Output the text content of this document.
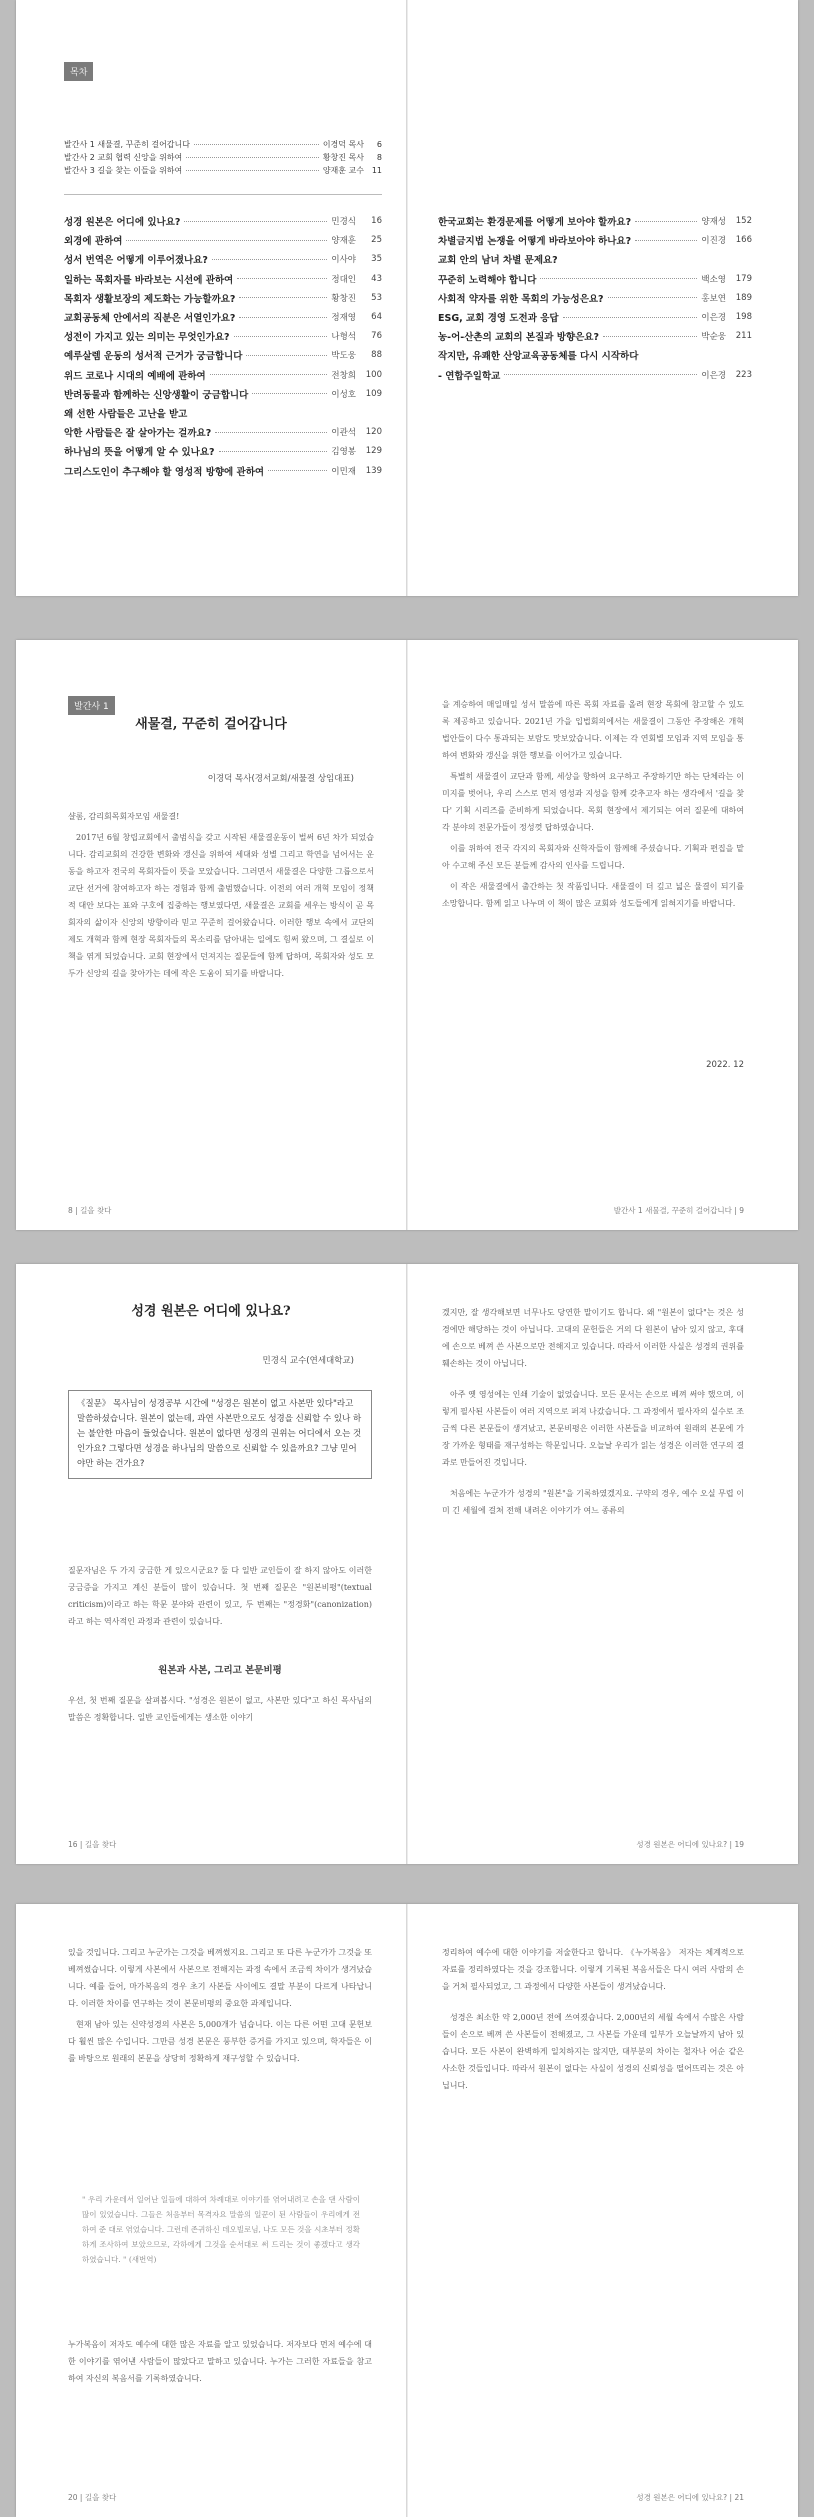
목차
발간사 1 새물결, 꾸준히 걸어갑니다	이경덕 목사	6
발간사 2 교회 협력 신앙을 위하여	황창진 목사	8
발간사 3 길을 찾는 이들을 위하여	양재훈 교수 11
성경 원본은 어디에 있나요?	민경식	16
외경에 관하여	양재훈	25
성서 번역은 어떻게 이루어졌나요?	이사야	35
일하는 목회자를 바라보는 시선에 관하여	정대인	43
목회자 생활보장의 제도화는 가능할까요?	황창진	53
교회공동체 안에서의 직분은 서열인가요?	정재영	64
성전이 가지고 있는 의미는 무엇인가요?	나형석	76
예루살렘 운동의 성서적 근거가 궁금합니다	박도웅	88
위드 코로나 시대의 예배에 관하여	전창희	100
반려동물과 함께하는 신앙생활이 궁금합니다	이성호	109
왜 선한 사람들은 고난을 받고
악한 사람들은 잘 살아가는 걸까요?	이관석	120
하나님의 뜻을 어떻게 알 수 있나요?	김영봉	129
그리스도인이 추구해야 할 영성적 방향에 관하여	이민재	139
한국교회는 환경문제를 어떻게 보아야 할까요?	양재성	152
차별금지법 논쟁을 어떻게 바라보아야 하나요?	이진경	166
교회 안의 남녀 차별 문제요?
꾸준히 노력해야 합니다	백소영	179
사회적 약자를 위한 목회의 가능성은요?	홍보연	189
ESG, 교회 경영 도전과 응답	이은경	198
농-어-산촌의 교회의 본질과 방향은요?	박순웅	211
작지만, 유쾌한 산앙교육공동체를 다시 시작하다
- 연합주일학교	이은경	223
발간사 1
새물결, 꾸준히 걸어갑니다
이경덕 목사(경서교회/새물결 상임대표)

샬롬, 감리회목회자모임 새물결!

2017년 6월 창립교회에서 출범식을 갖고 시작된 새물결운동이 벌써 6년 차가 되었습니다. 감리교회의 건강한 변화와 갱신을 위하여 세대와 성별 그리고 학연을 넘어서는 운동을 하고자 전국의 목회자들이 뜻을 모았습니다. 그러면서 새물결은 다양한 그룹으로서 교단 선거에 참여하고자 하는 경험과 함께 출범했습니다. 이전의 여러 개혁 모임이 정책적 대안 보다는 표와 구호에 집중하는 행보였다면, 새물결은 교회를 세우는 방식이 곧 목회자의 삶이자 신앙의 방향이라 믿고 꾸준히 걸어왔습니다. 이러한 행보 속에서 교단의 제도 개혁과 함께 현장 목회자들의 목소리를 담아내는 일에도 힘써 왔으며, 그 결실로 이 책을 엮게 되었습니다. 교회 현장에서 던져지는 질문들에 함께 답하며, 목회자와 성도 모두가 신앙의 길을 찾아가는 데에 작은 도움이 되기를 바랍니다.

8 | 길을 찾다

을 계승하여 매일매일 성서 말씀에 따른 목회 자료를 올려 현장 목회에 참고할 수 있도록 제공하고 있습니다. 2021년 가을 입법회의에서는 새물결이 그동안 주장해온 개혁 법안들이 다수 통과되는 보람도 맛보았습니다. 이제는 각 연회별 모임과 지역 모임을 통하여 변화와 갱신을 위한 행보를 이어가고 있습니다.

특별히 새물결이 교단과 함께, 세상을 향하여 요구하고 주장하기만 하는 단체라는 이미지를 벗어나, 우리 스스로 먼저 영성과 지성을 함께 갖추고자 하는 생각에서 '길을 찾다' 기획 시리즈를 준비하게 되었습니다. 목회 현장에서 제기되는 여러 질문에 대하여 각 분야의 전문가들이 정성껏 답하였습니다.

이를 위하여 전국 각지의 목회자와 신학자들이 함께해 주셨습니다. 기획과 편집을 맡아 수고해 주신 모든 분들께 감사의 인사를 드립니다.

이 작은 새물결에서 출간하는 첫 작품입니다. 새물결이 더 깊고 넓은 물결이 되기를 소망합니다. 함께 읽고 나누며 이 책이 많은 교회와 성도들에게 읽혀지기를 바랍니다.

2022. 12
발간사 1 새물결, 꾸준히 걸어갑니다 | 9
성경 원본은 어디에 있나요?
민경식 교수(연세대학교)
《질문》 목사님이 성경공부 시간에 "성경은 원본이 없고 사본만 있다"라고 말씀하셨습니다. 원본이 없는데, 과연 사본만으로도 성경을 신뢰할 수 있나 하는 불안한 마음이 들었습니다. 원본이 없다면 성경의 권위는 어디에서 오는 것인가요? 그렇다면 성경을 하나님의 말씀으로 신뢰할 수 있을까요? 그냥 믿어야만 하는 건가요?
질문자님은 두 가지 궁금한 게 있으시군요? 둘 다 일반 교인들이 잘 하지 않아도 이러한 궁금증을 가지고 계신 분들이 많이 있습니다. 첫 번째 질문은 "원본비평"(textual criticism)이라고 하는 학문 분야와 관련이 있고, 두 번째는 "정경화"(canonization)라고 하는 역사적인 과정과 관련이 있습니다.
원본과 사본, 그리고 본문비평
우선, 첫 번째 질문을 살펴봅시다. "성경은 원본이 없고, 사본만 있다"고 하신 목사님의 말씀은 정확합니다. 일반 교인들에게는 생소한 이야기
16 | 길을 찾다

겠지만, 잘 생각해보면 너무나도 당연한 말이기도 합니다. 왜 "원본이 없다"는 것은 성경에만 해당하는 것이 아닙니다. 고대의 문헌들은 거의 다 원본이 남아 있지 않고, 후대에 손으로 베껴 쓴 사본으로만 전해지고 있습니다. 따라서 이러한 사실은 성경의 권위를 훼손하는 것이 아닙니다.

아주 옛 영성에는 인쇄 기술이 없었습니다. 모든 문서는 손으로 베껴 써야 했으며, 이렇게 필사된 사본들이 여러 지역으로 퍼져 나갔습니다. 그 과정에서 필사자의 실수로 조금씩 다른 본문들이 생겨났고, 본문비평은 이러한 사본들을 비교하여 원래의 본문에 가장 가까운 형태를 재구성하는 학문입니다. 오늘날 우리가 읽는 성경은 이러한 연구의 결과로 만들어진 것입니다.

처음에는 누군가가 성경의 "원본"을 기록하였겠지요. 구약의 경우, 예수 오실 무렵 이미 긴 세월에 걸쳐 전해 내려온 이야기가 여느 종류의

성경 원본은 어디에 있나요? | 19

있을 것입니다. 그리고 누군가는 그것을 베껴썼지요. 그리고 또 다른 누군가가 그것을 또 베껴썼습니다. 이렇게 사본에서 사본으로 전해지는 과정 속에서 조금씩 차이가 생겨났습니다. 예를 들어, 마가복음의 경우 초기 사본들 사이에도 결말 부분이 다르게 나타납니다. 이러한 차이를 연구하는 것이 본문비평의 중요한 과제입니다.

현재 남아 있는 신약성경의 사본은 5,000개가 넘습니다. 이는 다른 어떤 고대 문헌보다 훨씬 많은 수입니다. 그만큼 성경 본문은 풍부한 증거를 가지고 있으며, 학자들은 이를 바탕으로 원래의 본문을 상당히 정확하게 재구성할 수 있습니다.

" 우리 가운데서 일어난 일들에 대하여 차례대로 이야기를 엮어내려고 손을 댄 사람이 많이 있었습니다. 그들은 처음부터 목격자요 말씀의 일꾼이 된 사람들이 우리에게 전하여 준 대로 엮었습니다. 그런데 존귀하신 데오빌로님, 나도 모든 것을 시초부터 정확하게 조사하여 보았으므로, 각하에게 그것을 순서대로 써 드리는 것이 좋겠다고 생각하였습니다. " (새번역)
누가복음이 저자도 예수에 대한 많은 자료를 알고 있었습니다. 저자보다 먼저 예수에 대한 이야기를 엮어낸 사람들이 많았다고 말하고 있습니다. 누가는 그러한 자료들을 참고하여 자신의 복음서를 기록하였습니다.
20 | 길을 찾다

정리하여 예수에 대한 이야기를 저술한다고 합니다. 《누가복음》 저자는 체계적으로 자료를 정리하였다는 것을 강조합니다. 이렇게 기록된 복음서들은 다시 여러 사람의 손을 거쳐 필사되었고, 그 과정에서 다양한 사본들이 생겨났습니다.

성경은 최소한 약 2,000년 전에 쓰여졌습니다. 2,000년의 세월 속에서 수많은 사람들이 손으로 베껴 쓴 사본들이 전해졌고, 그 사본들 가운데 일부가 오늘날까지 남아 있습니다. 모든 사본이 완벽하게 일치하지는 않지만, 대부분의 차이는 철자나 어순 같은 사소한 것들입니다. 따라서 원본이 없다는 사실이 성경의 신뢰성을 떨어뜨리는 것은 아닙니다.

성경 원본은 어디에 있나요? | 21
